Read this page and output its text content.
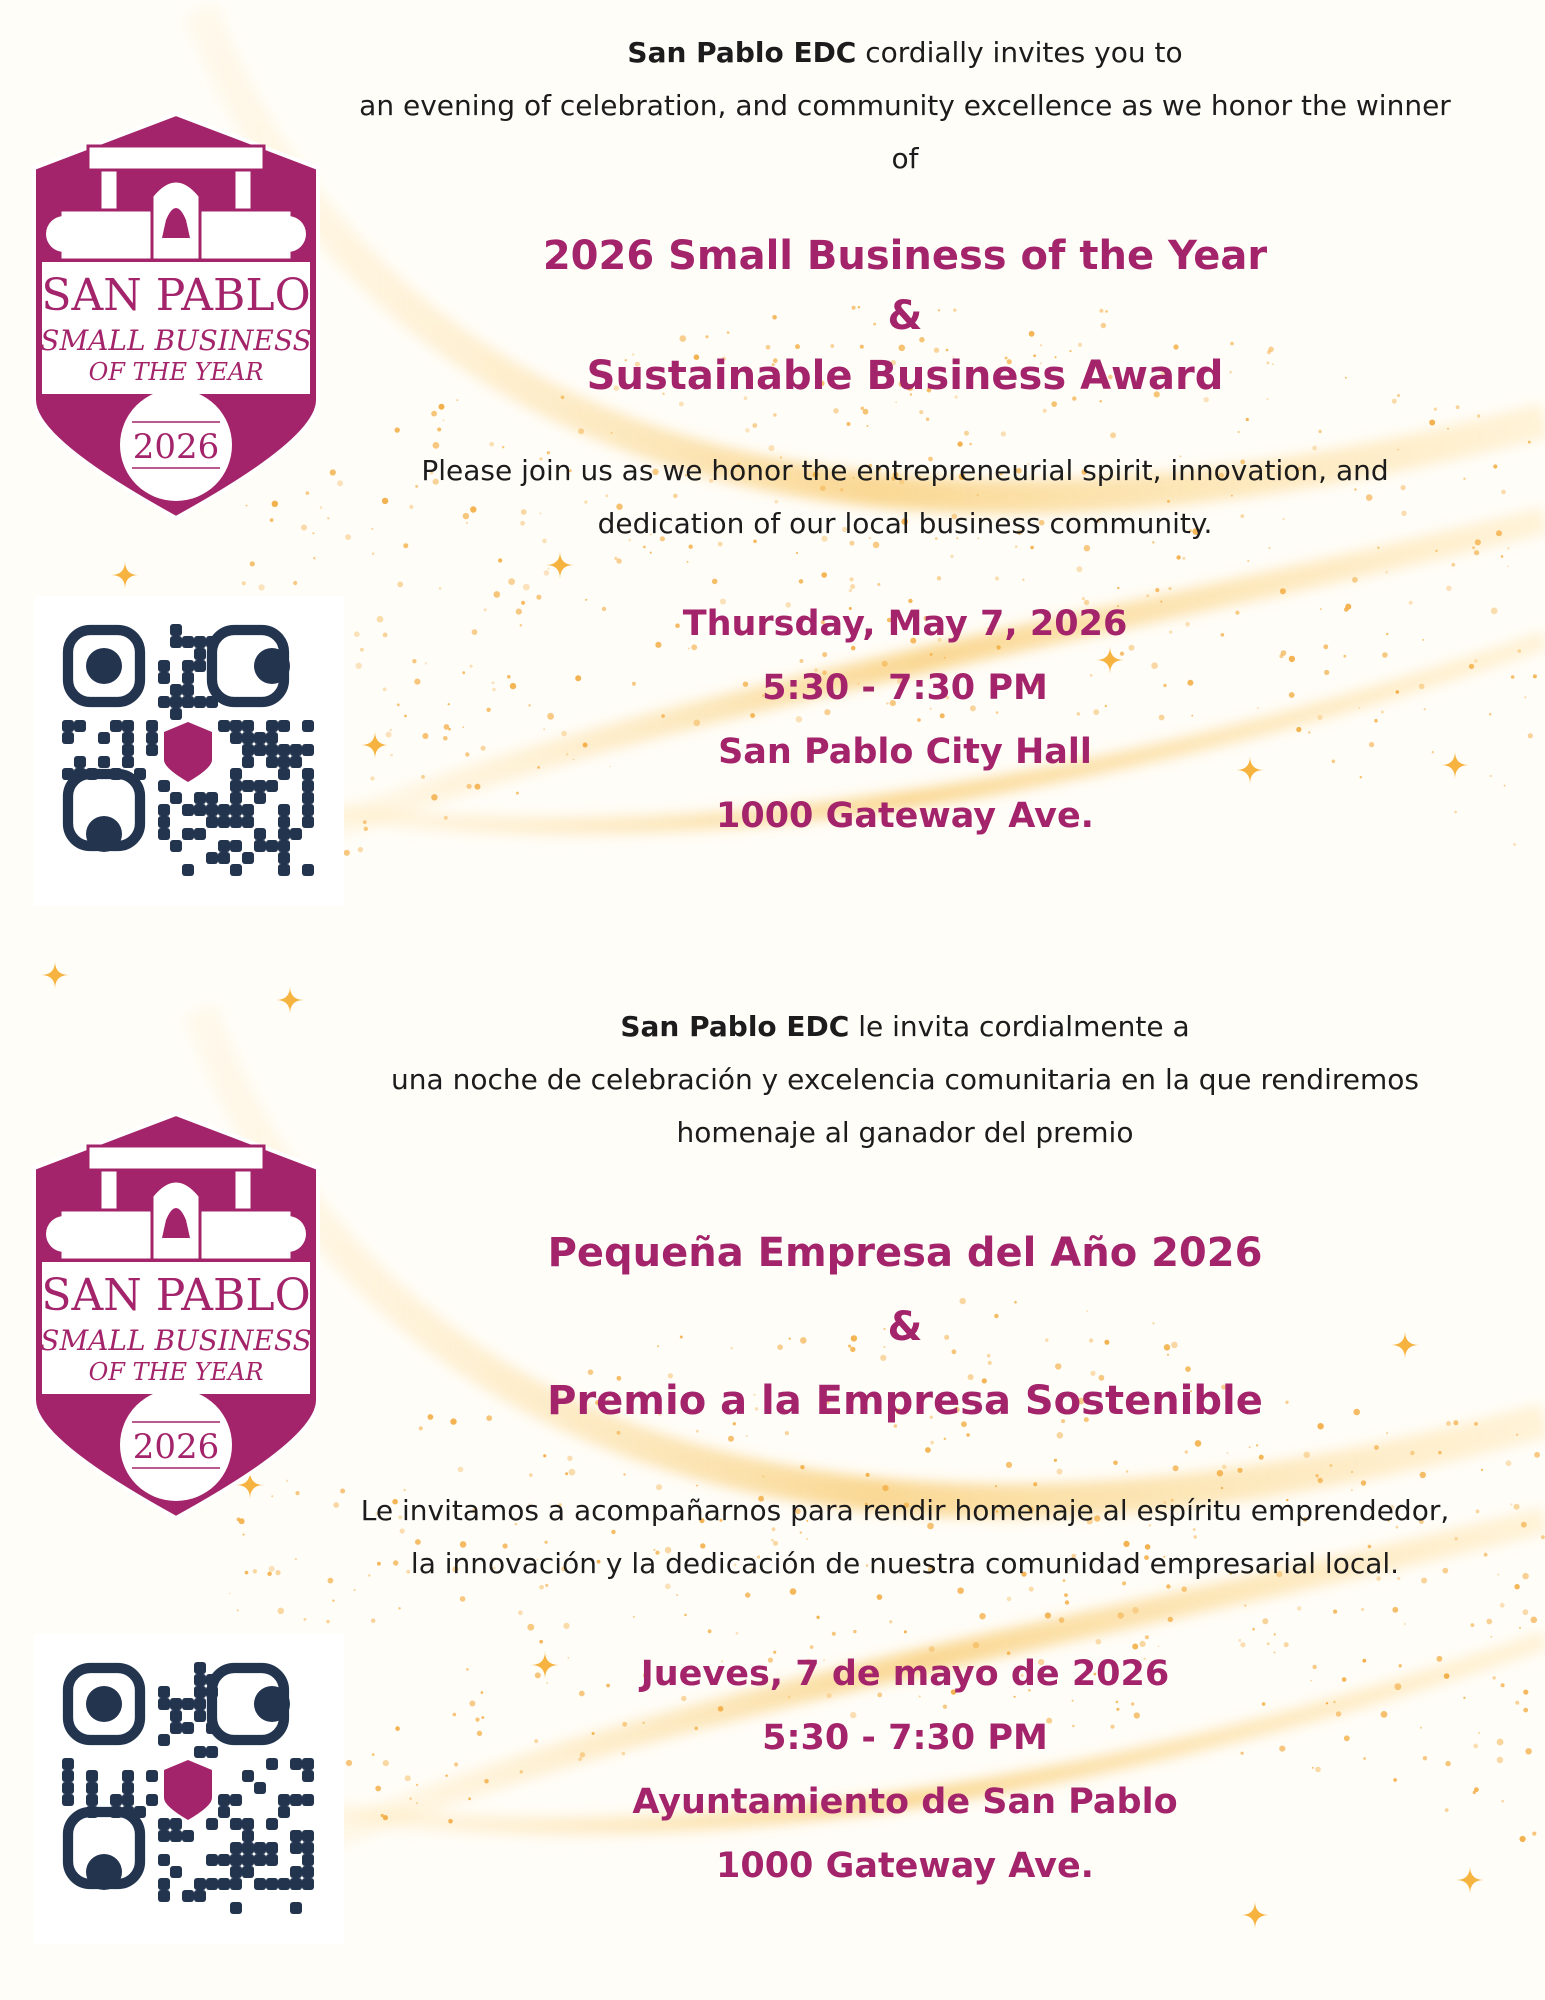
SAN PABLO
SMALL BUSINESS
OF THE YEAR
2026
San Pablo EDC cordially invites you to
an evening of celebration, and community excellence as we honor the winner
of
2026 Small Business of the Year
&
Sustainable Business Award
Please join us as we honor the entrepreneurial spirit, innovation, and
dedication of our local business community.
Thursday, May 7, 2026
5:30 - 7:30 PM
San Pablo City Hall
1000 Gateway Ave.
SAN PABLO
SMALL BUSINESS
OF THE YEAR
2026
San Pablo EDC le invita cordialmente a
una noche de celebración y excelencia comunitaria en la que rendiremos
homenaje al ganador del premio
Pequeña Empresa del Año 2026
&
Premio a la Empresa Sostenible
Le invitamos a acompañarnos para rendir homenaje al espíritu emprendedor,
la innovación y la dedicación de nuestra comunidad empresarial local.
Jueves, 7 de mayo de 2026
5:30 - 7:30 PM
Ayuntamiento de San Pablo
1000 Gateway Ave.
